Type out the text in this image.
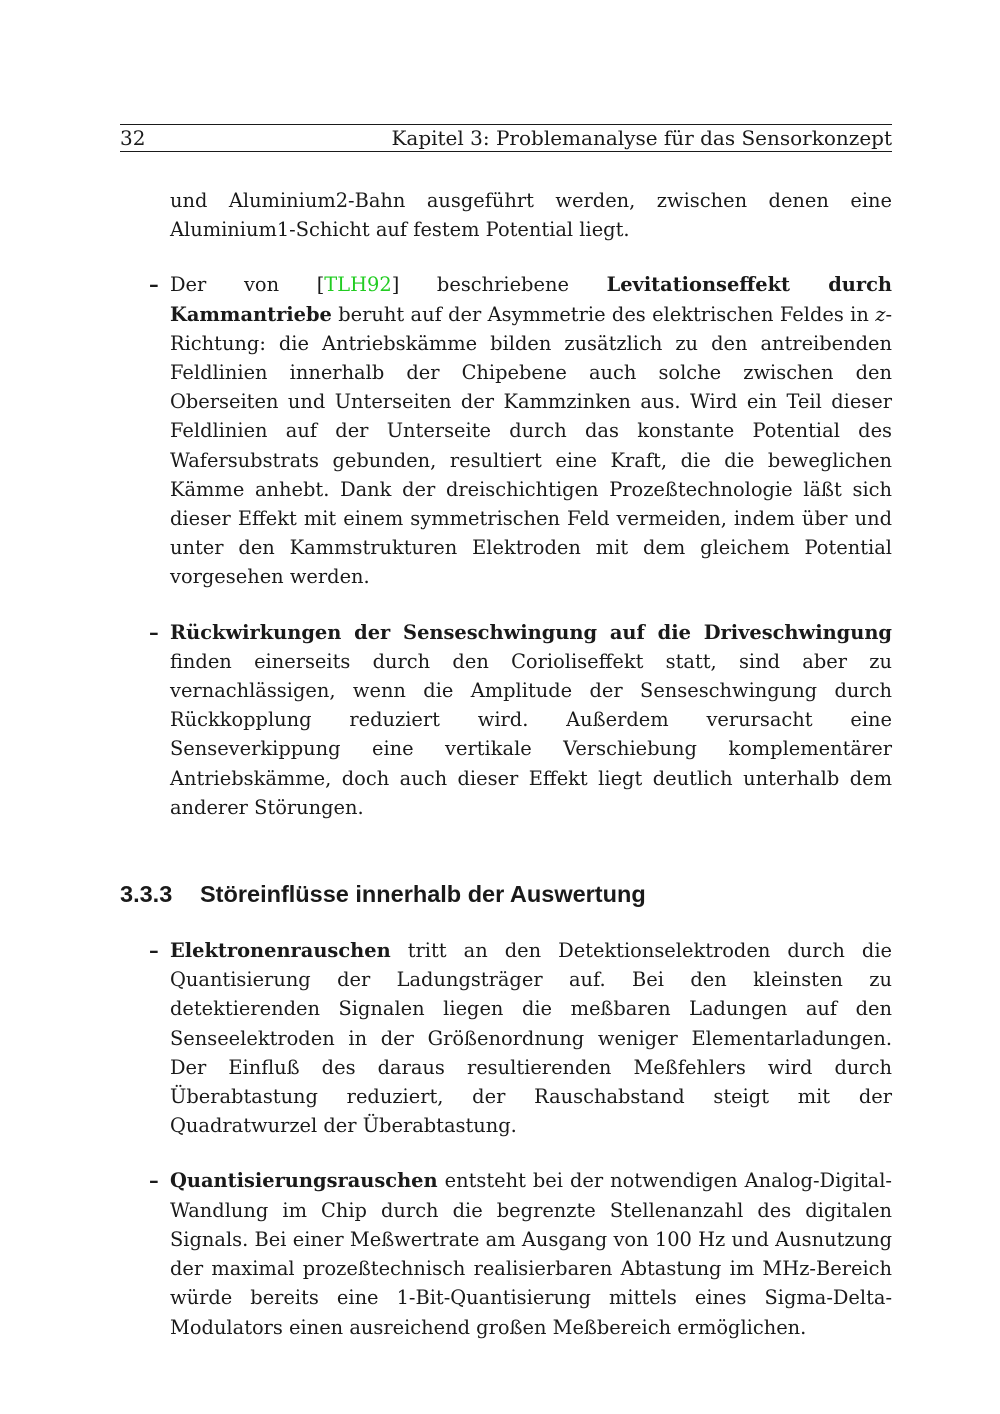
32	Kapitel 3: Problemanalyse für das Sensorkonzept
und Aluminium2-Bahn ausgeführt werden, zwischen denen eine Aluminium1-Schicht auf festem Potential liegt.
– Der von [TLH92] beschriebene Levitationseffekt durch Kammantriebe beruht auf der Asymmetrie des elektrischen Feldes in z-Richtung: die Antriebskämme bilden zusätzlich zu den antreibenden Feldlinien innerhalb der Chipebene auch solche zwischen den Oberseiten und Unterseiten der Kammzinken aus. Wird ein Teil dieser Feldlinien auf der Unterseite durch das konstante Potential des Wafersubstrats gebunden, resultiert eine Kraft, die die beweglichen Kämme anhebt. Dank der dreischichtigen Prozeßtechnologie läßt sich dieser Effekt mit einem symmetrischen Feld vermeiden, indem über und unter den Kammstrukturen Elektroden mit dem gleichem Potential vorgesehen werden.
– Rückwirkungen der Senseschwingung auf die Driveschwingung finden einerseits durch den Corioliseffekt statt, sind aber zu vernachlässigen, wenn die Amplitude der Senseschwingung durch Rückkopplung reduziert wird. Außerdem verursacht eine Senseverkippung eine vertikale Verschiebung komplementärer Antriebskämme, doch auch dieser Effekt liegt deutlich unterhalb dem anderer Störungen.
3.3.3 Störeinflüsse innerhalb der Auswertung
– Elektronenrauschen tritt an den Detektionselektroden durch die Quantisierung der Ladungsträger auf. Bei den kleinsten zu detektierenden Signalen liegen die meßbaren Ladungen auf den Senseelektroden in der Größenordnung weniger Elementarladungen. Der Einfluß des daraus resultierenden Meßfehlers wird durch Überabtastung reduziert, der Rauschabstand steigt mit der Quadratwurzel der Überabtastung.
– Quantisierungsrauschen entsteht bei der notwendigen Analog-Digital-Wandlung im Chip durch die begrenzte Stellenanzahl des digitalen Signals. Bei einer Meßwertrate am Ausgang von 100 Hz und Ausnutzung der maximal prozeßtechnisch realisierbaren Abtastung im MHz-Bereich würde bereits eine 1-Bit-Quantisierung mittels eines Sigma-Delta-Modulators einen ausreichend großen Meßbereich ermöglichen.
